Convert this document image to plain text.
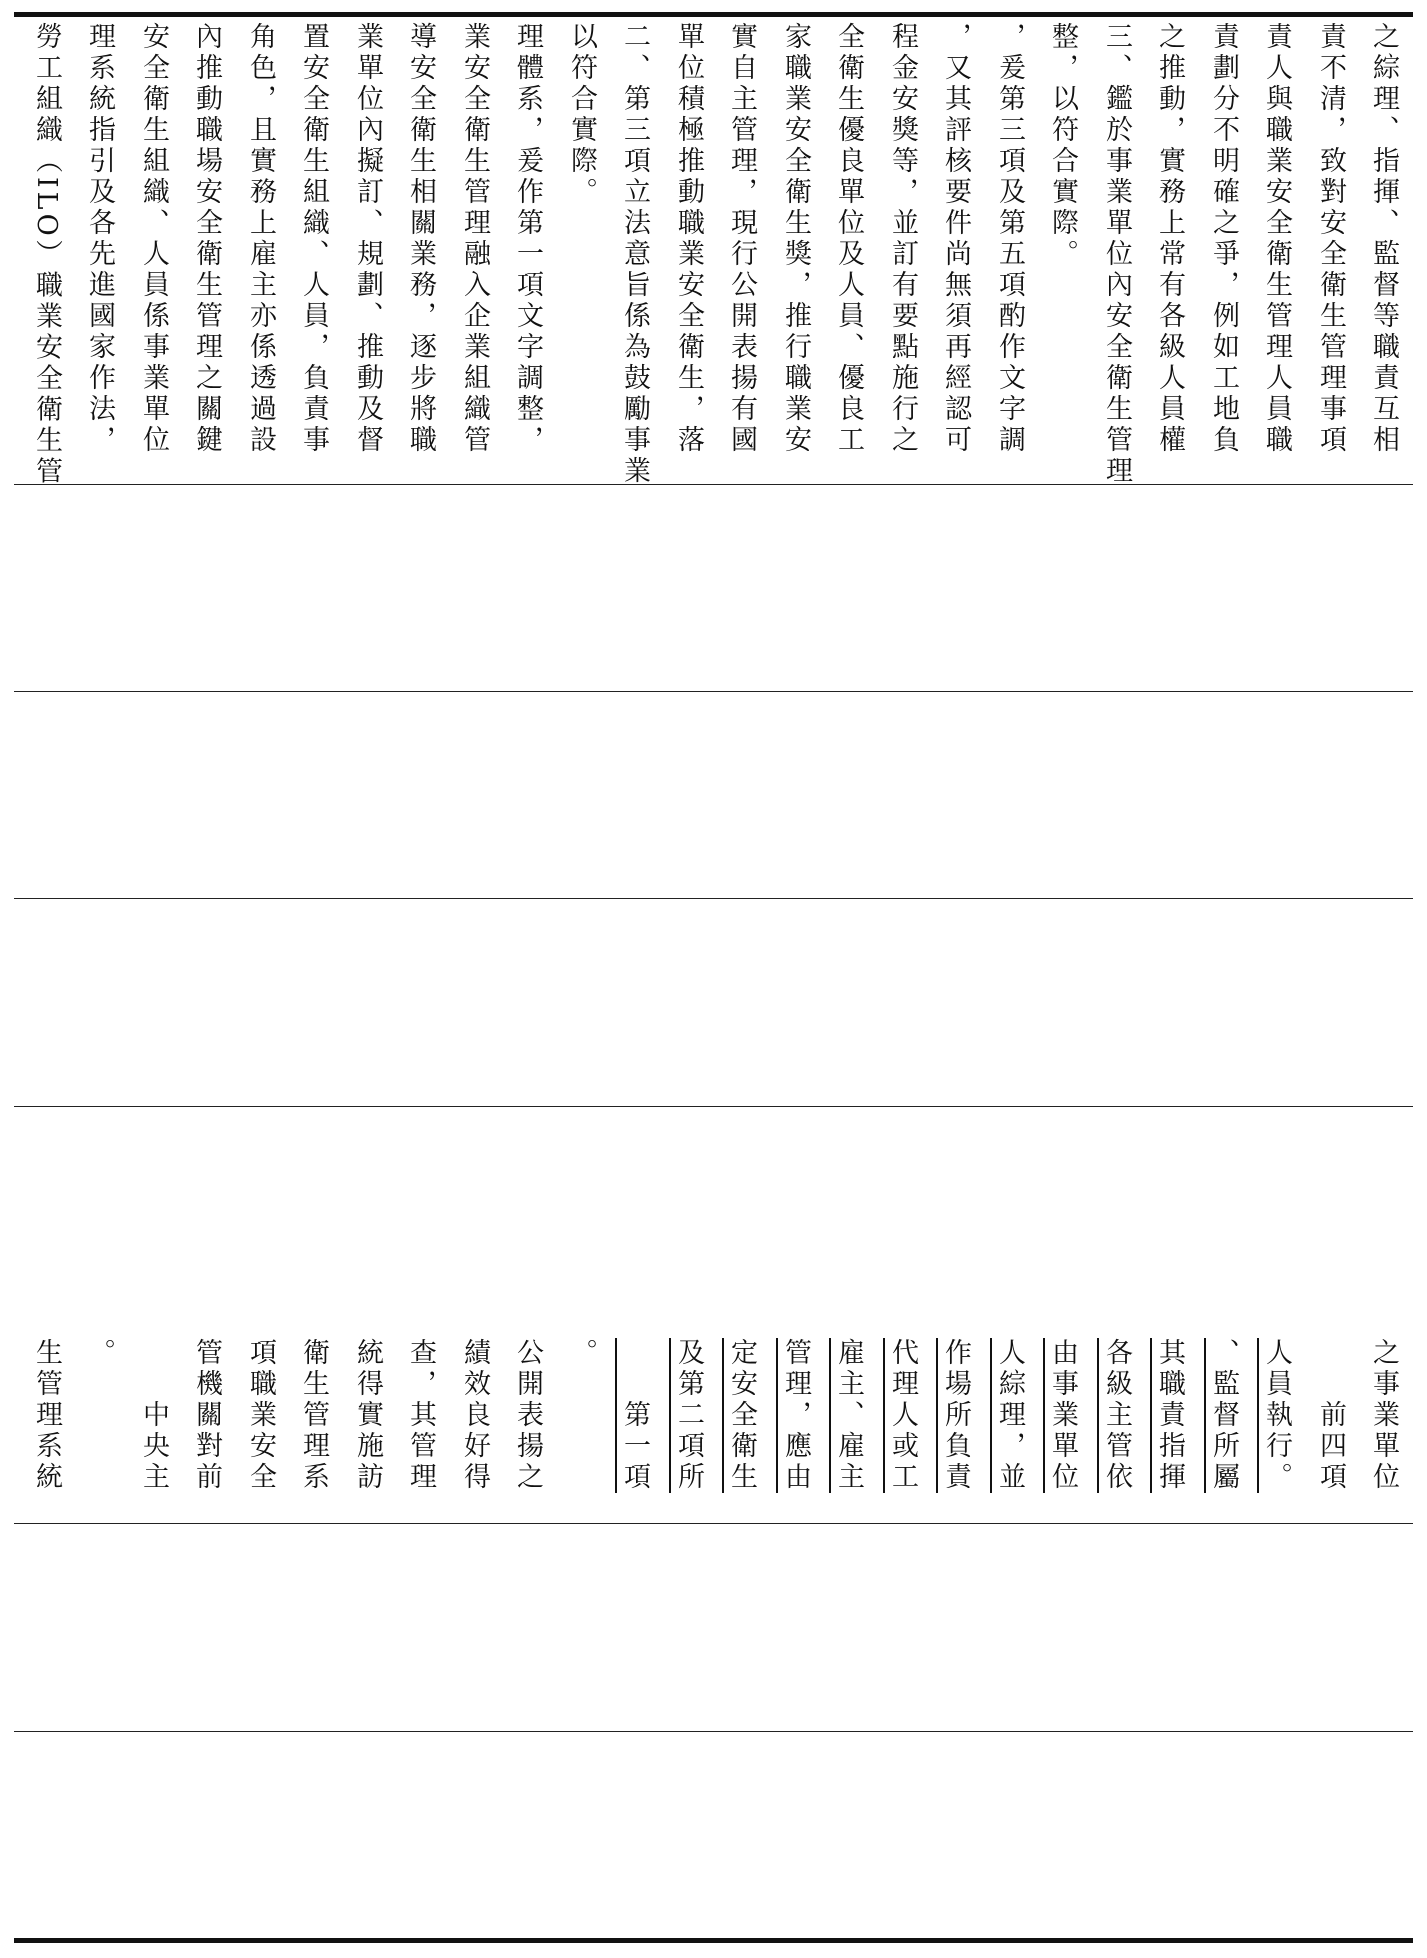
勞工組織（ILO）職業安全衛生管 理系統指引及各先進國家作法， 安全衛生組織、人員係事業單位 內推動職場安全衛生管理之關鍵 角色，且實務上雇主亦係透過設 置安全衛生組織、人員，負責事 業單位內擬訂、規劃、推動及督 導安全衛生相關業務，逐步將職 業安全衛生管理融入企業組織管 理體系，爰作第一項文字調整， 以符合實際。 二、第三項立法意旨係為鼓勵事業 單位積極推動職業安全衛生，落 實自主管理，現行公開表揚有國 家職業安全衛生獎，推行職業安 全衛生優良單位及人員、優良工 程金安獎等，並訂有要點施行之 ，又其評核要件尚無須再經認可 ，爰第三項及第五項酌作文字調 整，以符合實際。 三、鑑於事業單位內安全衛生管理 之推動，實務上常有各級人員權 責劃分不明確之爭，例如工地負 責人與職業安全衛生管理人員職 責不清，致對安全衛生管理事項 之綜理、指揮、監督等職責互相
生管理系統 。 　　中央主 管機關對前 項職業安全 衛生管理系 統得實施訪 查，其管理 績效良好得 公開表揚之 。 　　第一項 及第二項所 定安全衛生 管理，應由 雇主、雇主 代理人或工 作場所負責 人綜理，並 由事業單位 各級主管依 其職責指揮 、監督所屬 人員執行。 　　前四項 之事業單位
